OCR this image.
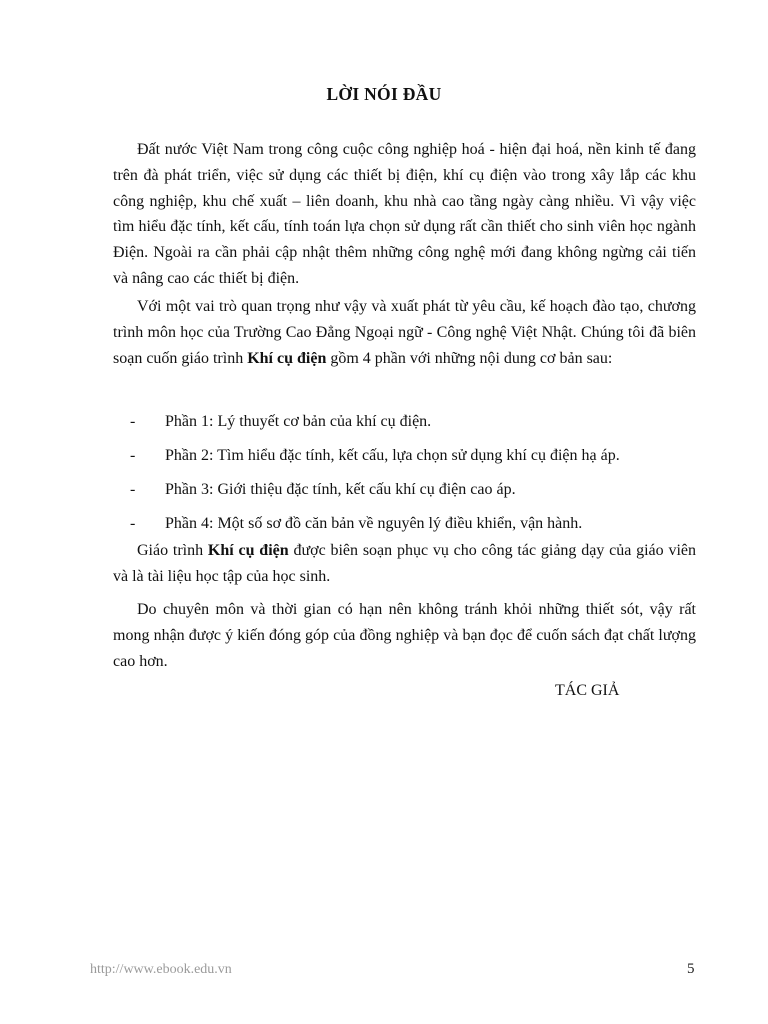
LỜI NÓI ĐẦU

Đất nước Việt Nam trong công cuộc công nghiệp hoá - hiện đại hoá, nền kinh tế đang trên đà phát triển, việc sử dụng các thiết bị điện, khí cụ điện vào trong xây lắp các khu công nghiệp, khu chế xuất – liên doanh, khu nhà cao tầng ngày càng nhiều. Vì vậy việc tìm hiểu đặc tính, kết cấu, tính toán lựa chọn sử dụng rất cần thiết cho sinh viên học ngành Điện. Ngoài ra cần phải cập nhật thêm những công nghệ mới đang không ngừng cải tiến và nâng cao các thiết bị điện.

Với một vai trò quan trọng như vậy và xuất phát từ yêu cầu, kế hoạch đào tạo, chương trình môn học của Trường Cao Đẳng Ngoại ngữ - Công nghệ Việt Nhật. Chúng tôi đã biên soạn cuốn giáo trình Khí cụ điện gồm 4 phần với những nội dung cơ bản sau:

- Phần 1: Lý thuyết cơ bản của khí cụ điện.
- Phần 2: Tìm hiểu đặc tính, kết cấu, lựa chọn sử dụng khí cụ điện hạ áp.
- Phần 3: Giới thiệu đặc tính, kết cấu khí cụ điện cao áp.
- Phần 4: Một số sơ đồ căn bản về nguyên lý điều khiển, vận hành.

Giáo trình Khí cụ điện được biên soạn phục vụ cho công tác giảng dạy của giáo viên và là tài liệu học tập của học sinh.

Do chuyên môn và thời gian có hạn nên không tránh khỏi những thiết sót, vậy rất mong nhận được ý kiến đóng góp của đồng nghiệp và bạn đọc để cuốn sách đạt chất lượng cao hơn.

TÁC GIẢ
http://www.ebook.edu.vn	5
